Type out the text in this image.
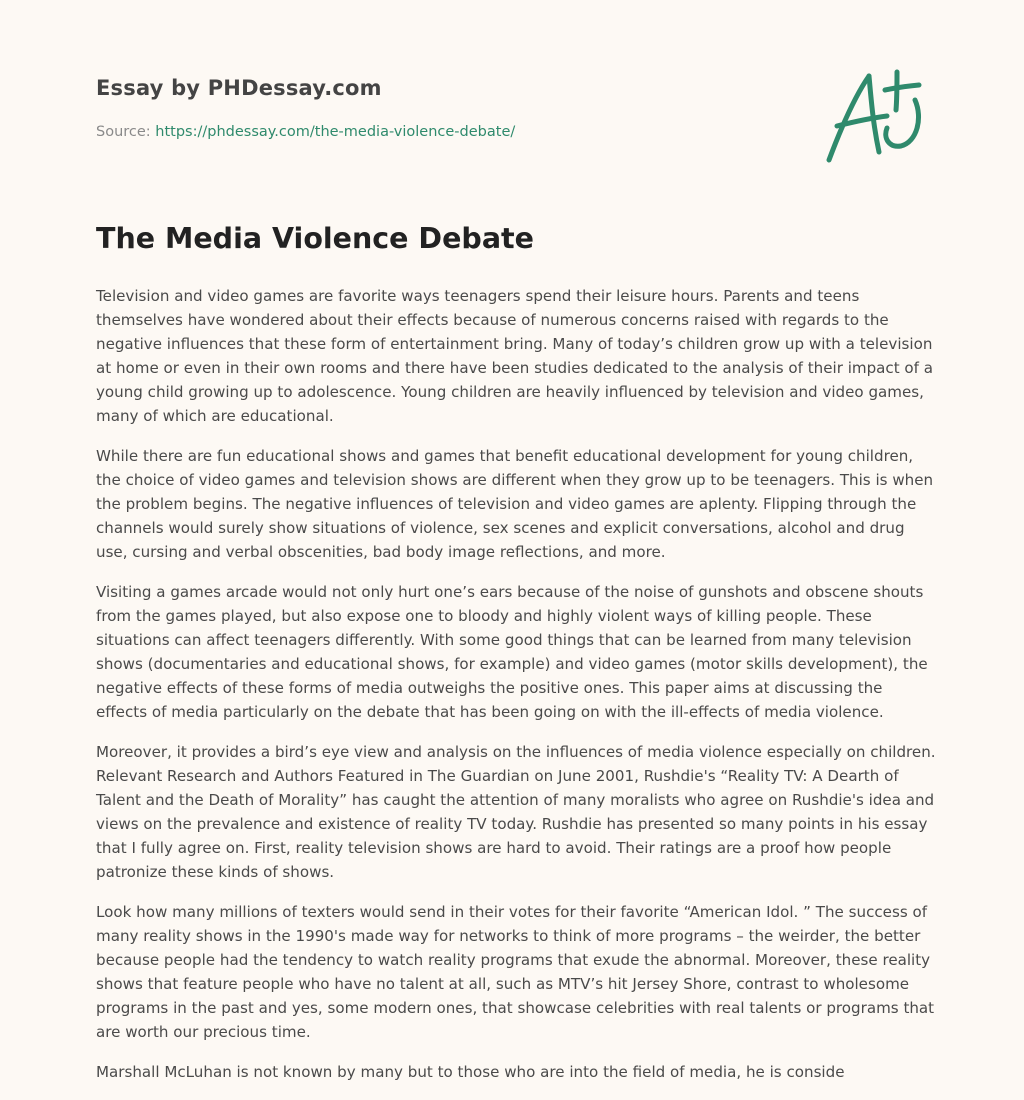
Essay by PHDessay.com
Source: https://phdessay.com/the-media-violence-debate/
The Media Violence Debate

Television and video games are favorite ways teenagers spend their leisure hours. Parents and teens themselves have wondered about their effects because of numerous concerns raised with regards to the negative influences that these form of entertainment bring. Many of today’s children grow up with a television at home or even in their own rooms and there have been studies dedicated to the analysis of their impact of a young child growing up to adolescence. Young children are heavily influenced by television and video games, many of which are educational.

While there are fun educational shows and games that benefit educational development for young children, the choice of video games and television shows are different when they grow up to be teenagers. This is when the problem begins. The negative influences of television and video games are aplenty. Flipping through the channels would surely show situations of violence, sex scenes and explicit conversations, alcohol and drug use, cursing and verbal obscenities, bad body image reflections, and more.

Visiting a games arcade would not only hurt one’s ears because of the noise of gunshots and obscene shouts from the games played, but also expose one to bloody and highly violent ways of killing people. These situations can affect teenagers differently. With some good things that can be learned from many television shows (documentaries and educational shows, for example) and video games (motor skills development), the negative effects of these forms of media outweighs the positive ones. This paper aims at discussing the effects of media particularly on the debate that has been going on with the ill-effects of media violence.

Moreover, it provides a bird’s eye view and analysis on the influences of media violence especially on children. Relevant Research and Authors Featured in The Guardian on June 2001, Rushdie's “Reality TV: A Dearth of Talent and the Death of Morality” has caught the attention of many moralists who agree on Rushdie's idea and views on the prevalence and existence of reality TV today. Rushdie has presented so many points in his essay that I fully agree on. First, reality television shows are hard to avoid. Their ratings are a proof how people patronize these kinds of shows.

Look how many millions of texters would send in their votes for their favorite “American Idol. ” The success of many reality shows in the 1990's made way for networks to think of more programs – the weirder, the better because people had the tendency to watch reality programs that exude the abnormal. Moreover, these reality shows that feature people who have no talent at all, such as MTV’s hit Jersey Shore, contrast to wholesome programs in the past and yes, some modern ones, that showcase celebrities with real talents or programs that are worth our precious time.

Marshall McLuhan is not known by many but to those who are into the field of media, he is conside
